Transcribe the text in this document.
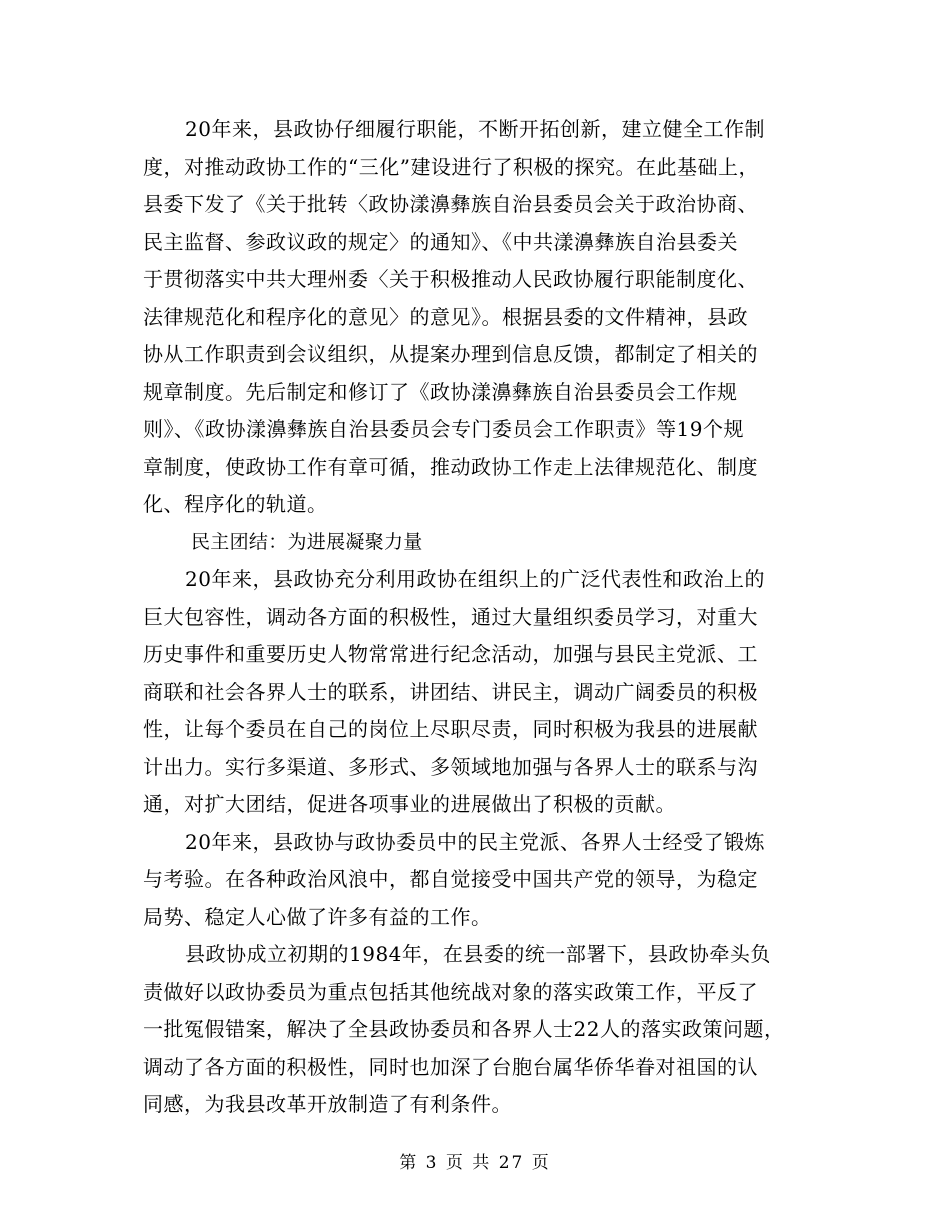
20年来，县政协仔细履行职能，不断开拓创新，建立健全工作制
度，对推动政协工作的“三化”建设进行了积极的探究。在此基础上，
县委下发了《关于批转〈政协漾濞彝族自治县委员会关于政治协商、
民主监督、参政议政的规定〉的通知》、《中共漾濞彝族自治县委关
于贯彻落实中共大理州委〈关于积极推动人民政协履行职能制度化、
法律规范化和程序化的意见〉的意见》。根据县委的文件精神，县政
协从工作职责到会议组织，从提案办理到信息反馈，都制定了相关的
规章制度。先后制定和修订了《政协漾濞彝族自治县委员会工作规
则》、《政协漾濞彝族自治县委员会专门委员会工作职责》等19个规
章制度，使政协工作有章可循，推动政协工作走上法律规范化、制度
化、程序化的轨道。
民主团结：为进展凝聚力量
20年来，县政协充分利用政协在组织上的广泛代表性和政治上的
巨大包容性，调动各方面的积极性，通过大量组织委员学习，对重大
历史事件和重要历史人物常常进行纪念活动，加强与县民主党派、工
商联和社会各界人士的联系，讲团结、讲民主，调动广阔委员的积极
性，让每个委员在自己的岗位上尽职尽责，同时积极为我县的进展献
计出力。实行多渠道、多形式、多领域地加强与各界人士的联系与沟
通，对扩大团结，促进各项事业的进展做出了积极的贡献。
20年来，县政协与政协委员中的民主党派、各界人士经受了锻炼
与考验。在各种政治风浪中，都自觉接受中国共产党的领导，为稳定
局势、稳定人心做了许多有益的工作。
县政协成立初期的1984年，在县委的统一部署下，县政协牵头负
责做好以政协委员为重点包括其他统战对象的落实政策工作，平反了
一批冤假错案，解决了全县政协委员和各界人士22人的落实政策问题，
调动了各方面的积极性，同时也加深了台胞台属华侨华眷对祖国的认
同感，为我县改革开放制造了有利条件。
第 3 页 共 27 页
